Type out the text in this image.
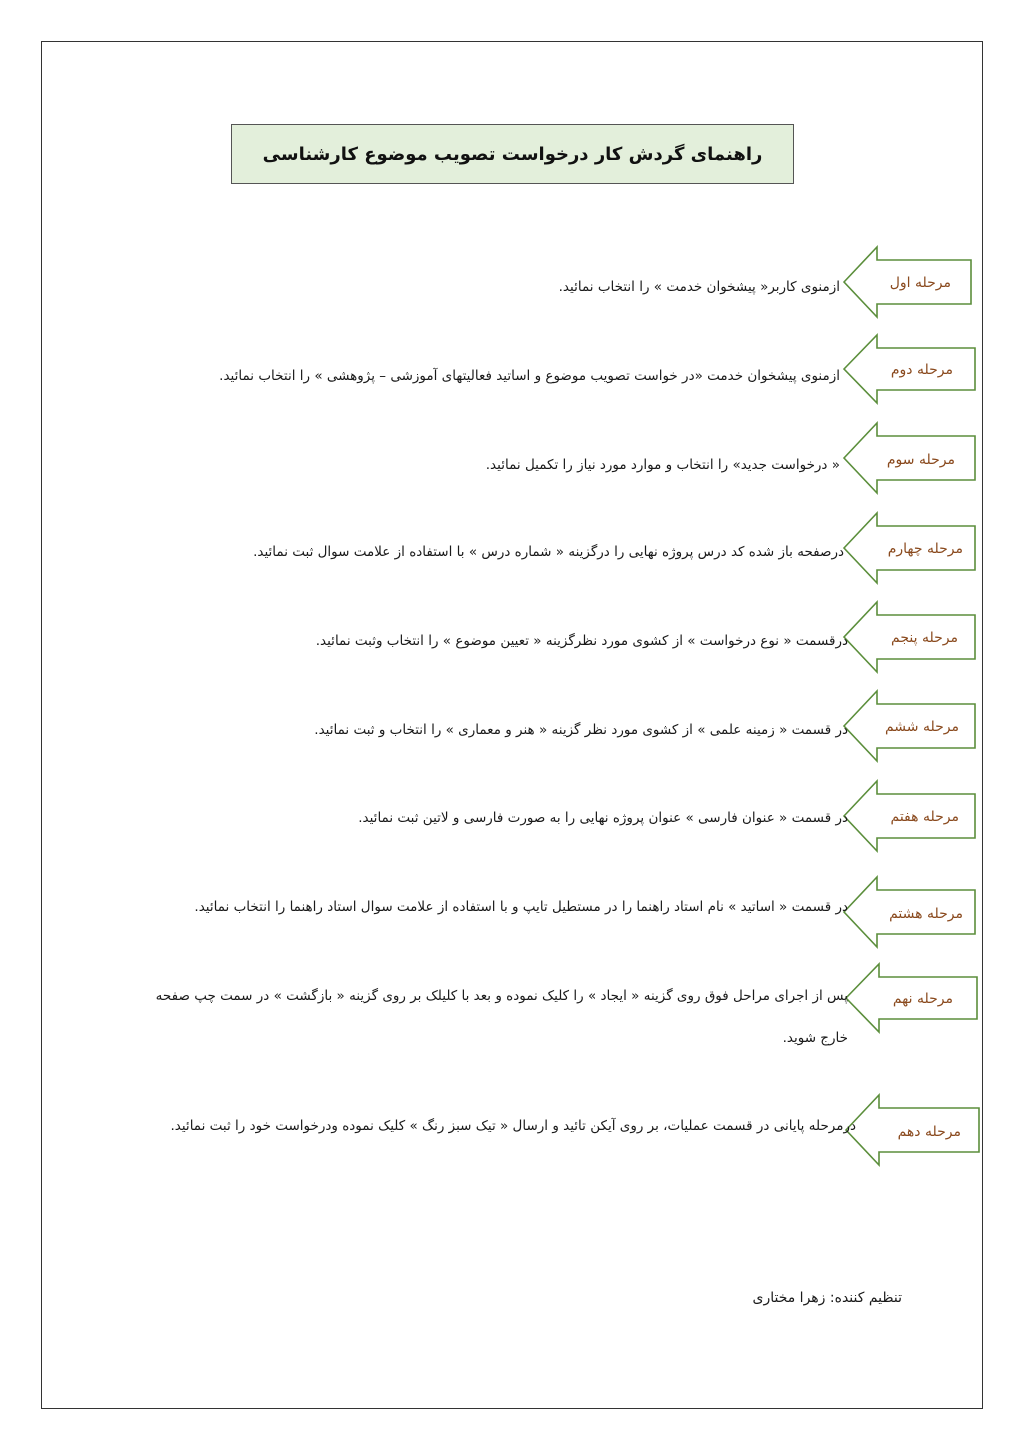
راهنمای گردش کار درخواست تصویب موضوع کارشناسی
مرحله اول
ازمنوی کاربر« پیشخوان خدمت » را انتخاب نمائید.
مرحله دوم
ازمنوی پیشخوان خدمت «در خواست تصویب موضوع و اساتید فعالیتهای آموزشی – پژوهشی » را انتخاب نمائید.
مرحله سوم
« درخواست جدید» را انتخاب و موارد مورد نیاز را تکمیل نمائید.
مرحله چهارم
درصفحه باز شده کد درس پروژه نهایی را درگزینه « شماره درس » با استفاده از علامت سوال ثبت نمائید.
مرحله پنجم
درقسمت « نوع درخواست » از کشوی مورد نظرگزینه « تعیین موضوع » را انتخاب وثبت نمائید.
مرحله ششم
در قسمت « زمینه علمی » از کشوی مورد نظر گزینه « هنر و معماری » را انتخاب و ثبت نمائید.
مرحله هفتم
در قسمت « عنوان فارسی » عنوان پروژه نهایی را به صورت فارسی و لاتین ثبت نمائید.
مرحله هشتم
در قسمت « اساتید » نام استاد راهنما را در مستطیل تایپ و با استفاده از علامت سوال استاد راهنما را انتخاب نمائید.
مرحله نهم
پس از اجرای مراحل فوق روی گزینه « ایجاد » را کلیک نموده و بعد با کلیلک بر روی گزینه « بازگشت » در سمت چپ صفحه خارج شوید.
مرحله دهم
درمرحله پایانی در قسمت عملیات، بر روی آیکن تائید و ارسال « تیک سبز رنگ » کلیک نموده ودرخواست خود را ثبت نمائید.
تنظیم کننده: زهرا مختاری
